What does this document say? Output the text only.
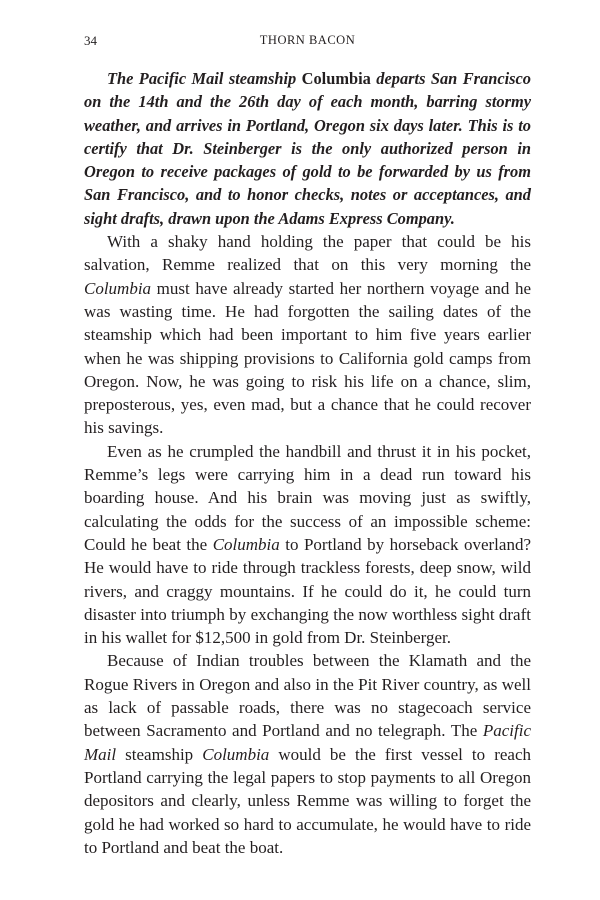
34	THORN BACON

The Pacific Mail steamship Columbia departs San Francisco on the 14th and the 26th day of each month, barring stormy weather, and arrives in Portland, Oregon six days later. This is to certify that Dr. Steinberger is the only authorized person in Oregon to receive packages of gold to be forwarded by us from San Francisco, and to honor checks, notes or acceptances, and sight drafts, drawn upon the Adams Express Company.

With a shaky hand holding the paper that could be his salvation, Remme realized that on this very morning the Columbia must have already started her northern voyage and he was wasting time. He had forgotten the sailing dates of the steamship which had been important to him five years earlier when he was shipping provisions to California gold camps from Oregon. Now, he was going to risk his life on a chance, slim, preposterous, yes, even mad, but a chance that he could recover his savings.

Even as he crumpled the handbill and thrust it in his pocket, Remme’s legs were carrying him in a dead run toward his boarding house. And his brain was moving just as swiftly, calculating the odds for the success of an impossible scheme: Could he beat the Columbia to Portland by horseback overland? He would have to ride through trackless forests, deep snow, wild rivers, and craggy mountains. If he could do it, he could turn disaster into triumph by exchanging the now worthless sight draft in his wallet for $12,500 in gold from Dr. Steinberger.

Because of Indian troubles between the Klamath and the Rogue Rivers in Oregon and also in the Pit River country, as well as lack of passable roads, there was no stagecoach service between Sacramento and Portland and no telegraph. The Pacific Mail steamship Columbia would be the first vessel to reach Portland carrying the legal papers to stop payments to all Oregon depositors and clearly, unless Remme was willing to forget the gold he had worked so hard to accumulate, he would have to ride to Portland and beat the boat.
